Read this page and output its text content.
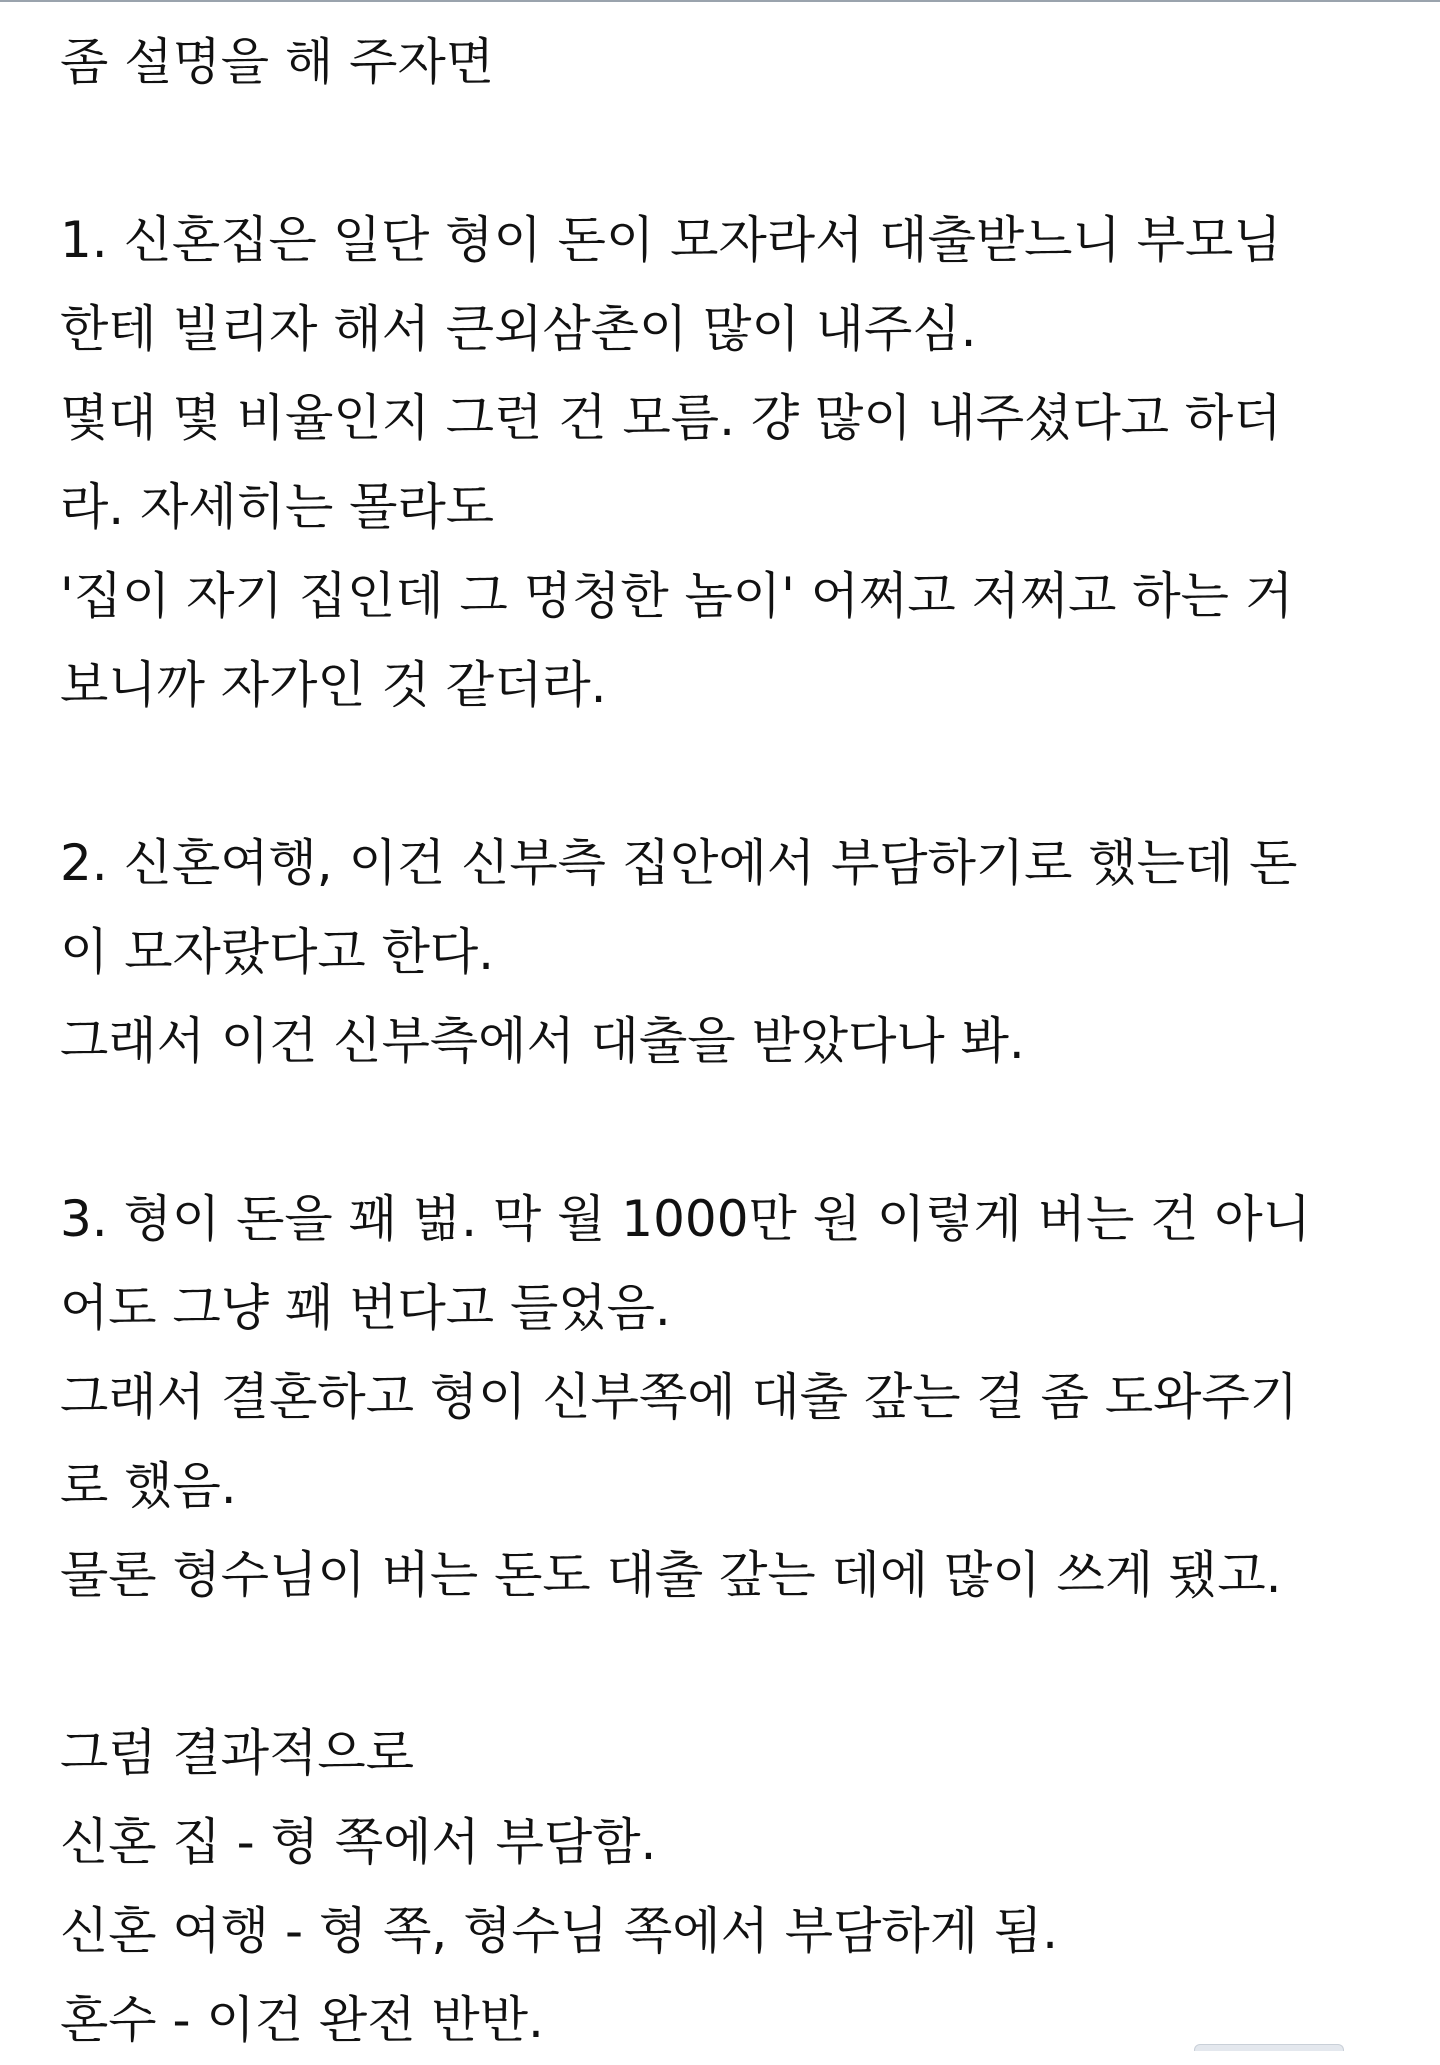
좀 설명을 해 주자면
1. 신혼집은 일단 형이 돈이 모자라서 대출받느니 부모님
한테 빌리자 해서 큰외삼촌이 많이 내주심.
몇대 몇 비율인지 그런 건 모름. 걍 많이 내주셨다고 하더
라. 자세히는 몰라도
'집이 자기 집인데 그 멍청한 놈이' 어쩌고 저쩌고 하는 거
보니까 자가인 것 같더라.
2. 신혼여행, 이건 신부측 집안에서 부담하기로 했는데 돈
이 모자랐다고 한다.
그래서 이건 신부측에서 대출을 받았다나 봐.
3. 형이 돈을 꽤 벎. 막 월 1000만 원 이렇게 버는 건 아니
어도 그냥 꽤 번다고 들었음.
그래서 결혼하고 형이 신부쪽에 대출 갚는 걸 좀 도와주기
로 했음.
물론 형수님이 버는 돈도 대출 갚는 데에 많이 쓰게 됐고.
그럼 결과적으로
신혼 집 - 형 쪽에서 부담함.
신혼 여행 - 형 쪽, 형수님 쪽에서 부담하게 됨.
혼수 - 이건 완전 반반.
